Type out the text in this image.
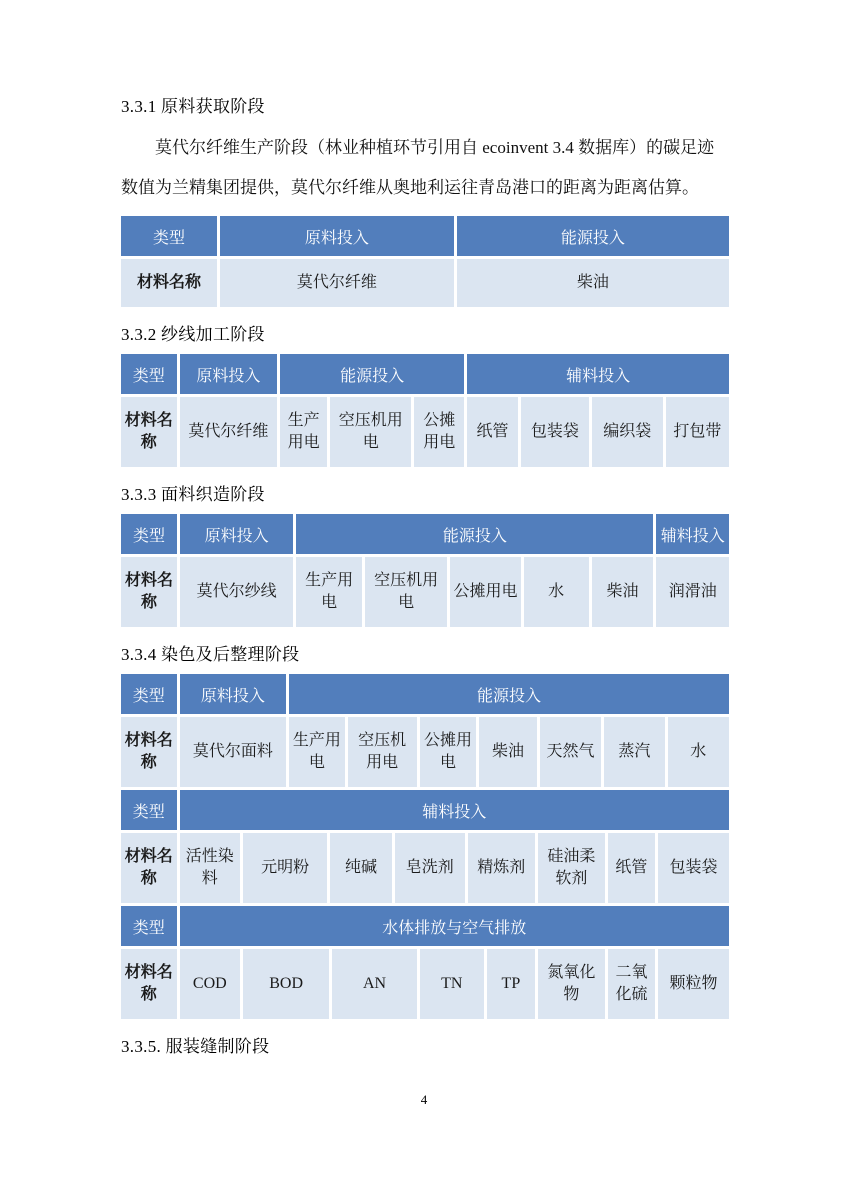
3.3.1 原料获取阶段
莫代尔纤维生产阶段（林业种植环节引用自 ecoinvent 3.4 数据库）的碳足迹
数值为兰精集团提供，莫代尔纤维从奥地利运往青岛港口的距离为距离估算。
类型	原料投入	能源投入
材料名称	莫代尔纤维	柴油
3.3.2 纱线加工阶段
类型	原料投入	能源投入			辅料投入			
材料名称	莫代尔纤维	生产用电	空压机用电	公摊用电	纸管	包装袋	编织袋	打包带
3.3.3 面料织造阶段
类型	原料投入	能源投入					辅料投入
材料名称	莫代尔纱线	生产用电	空压机用电	公摊用电	水	柴油	润滑油
3.3.4 染色及后整理阶段
类型	原料投入	能源投入						
材料名称	莫代尔面料	生产用电	空压机用电	公摊用电	柴油	天然气	蒸汽	水
类型	辅料投入							
材料名称	活性染料	元明粉	纯碱	皂洗剂	精炼剂	硅油柔软剂	纸管	包装袋
类型	水体排放与空气排放							
材料名称	COD	BOD	AN	TN	TP	氮氧化物	二氧化硫	颗粒物
3.3.5. 服装缝制阶段
4
